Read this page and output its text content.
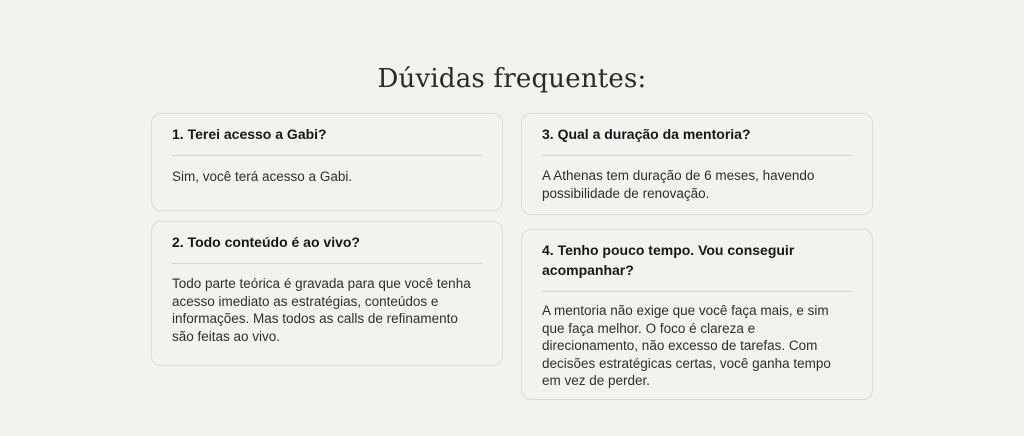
Dúvidas frequentes:
1. Terei acesso a Gabi?
Sim, você terá acesso a Gabi.
2. Todo conteúdo é ao vivo?
Todo parte teórica é gravada para que você tenha acesso imediato as estratégias, conteúdos e informações. Mas todos as calls de refinamento são feitas ao vivo.
3. Qual a duração da mentoria?
A Athenas tem duração de 6 meses, havendo possibilidade de renovação.
4. Tenho pouco tempo. Vou conseguir acompanhar?
A mentoria não exige que você faça mais, e sim que faça melhor. O foco é clareza e direcionamento, não excesso de tarefas. Com decisões estratégicas certas, você ganha tempo em vez de perder.
